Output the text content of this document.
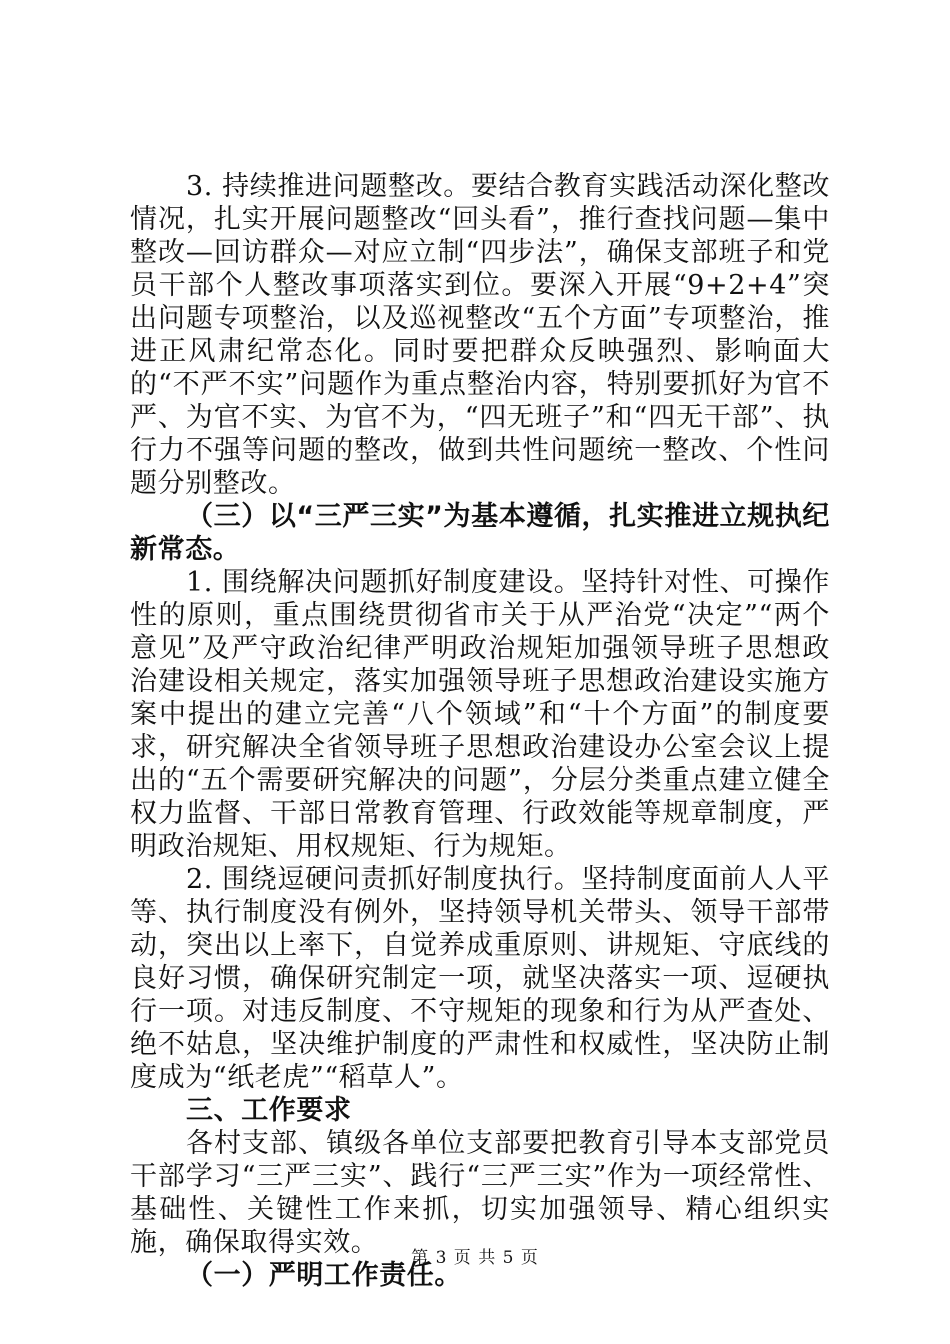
3. 持续推进问题整改。要结合教育实践活动深化整改情况，扎实开展问题整改“回头看”，推行查找问题—集中整改—回访群众—对应立制“四步法”，确保支部班子和党员干部个人整改事项落实到位。要深入开展“9+2+4”突出问题专项整治，以及巡视整改“五个方面”专项整治，推进正风肃纪常态化。同时要把群众反映强烈、影响面大的“不严不实”问题作为重点整治内容，特别要抓好为官不严、为官不实、为官不为，“四无班子”和“四无干部”、执行力不强等问题的整改，做到共性问题统一整改、个性问题分别整改。

（三）以“三严三实”为基本遵循，扎实推进立规执纪新常态。

1. 围绕解决问题抓好制度建设。坚持针对性、可操作性的原则，重点围绕贯彻省市关于从严治党“决定”“两个意见”及严守政治纪律严明政治规矩加强领导班子思想政治建设相关规定，落实加强领导班子思想政治建设实施方案中提出的建立完善“八个领域”和“十个方面”的制度要求，研究解决全省领导班子思想政治建设办公室会议上提出的“五个需要研究解决的问题”，分层分类重点建立健全权力监督、干部日常教育管理、行政效能等规章制度，严明政治规矩、用权规矩、行为规矩。

2. 围绕逗硬问责抓好制度执行。坚持制度面前人人平等、执行制度没有例外，坚持领导机关带头、领导干部带动，突出以上率下，自觉养成重原则、讲规矩、守底线的良好习惯，确保研究制定一项，就坚决落实一项、逗硬执行一项。对违反制度、不守规矩的现象和行为从严查处、绝不姑息，坚决维护制度的严肃性和权威性，坚决防止制度成为“纸老虎”“稻草人”。

三、工作要求

各村支部、镇级各单位支部要把教育引导本支部党员干部学习“三严三实”、践行“三严三实”作为一项经常性、基础性、关键性工作来抓，切实加强领导、精心组织实施，确保取得实效。

（一）严明工作责任。

第 3 页 共 5 页
